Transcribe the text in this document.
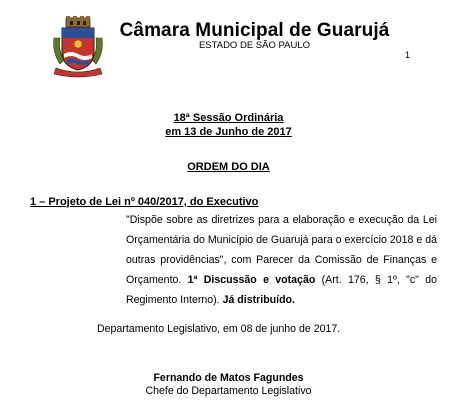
Câmara Municipal de Guarujá
ESTADO DE SÃO PAULO
1
18ª Sessão Ordinária
em 13 de Junho de 2017
ORDEM DO DIA
1 – Projeto de Lei nº 040/2017, do Executivo
"Dispõe sobre as diretrizes para a elaboração e execução da Lei Orçamentária do Município de Guarujá para o exercício 2018 e dá outras providências", com Parecer da Comissão de Finanças e Orçamento. 1ª Discussão e votação (Art. 176, § 1º, "c" do Regimento Interno). Já distribuído.
Departamento Legislativo, em 08 de junho de 2017.
Fernando de Matos Fagundes
Chefe do Departamento Legislativo
